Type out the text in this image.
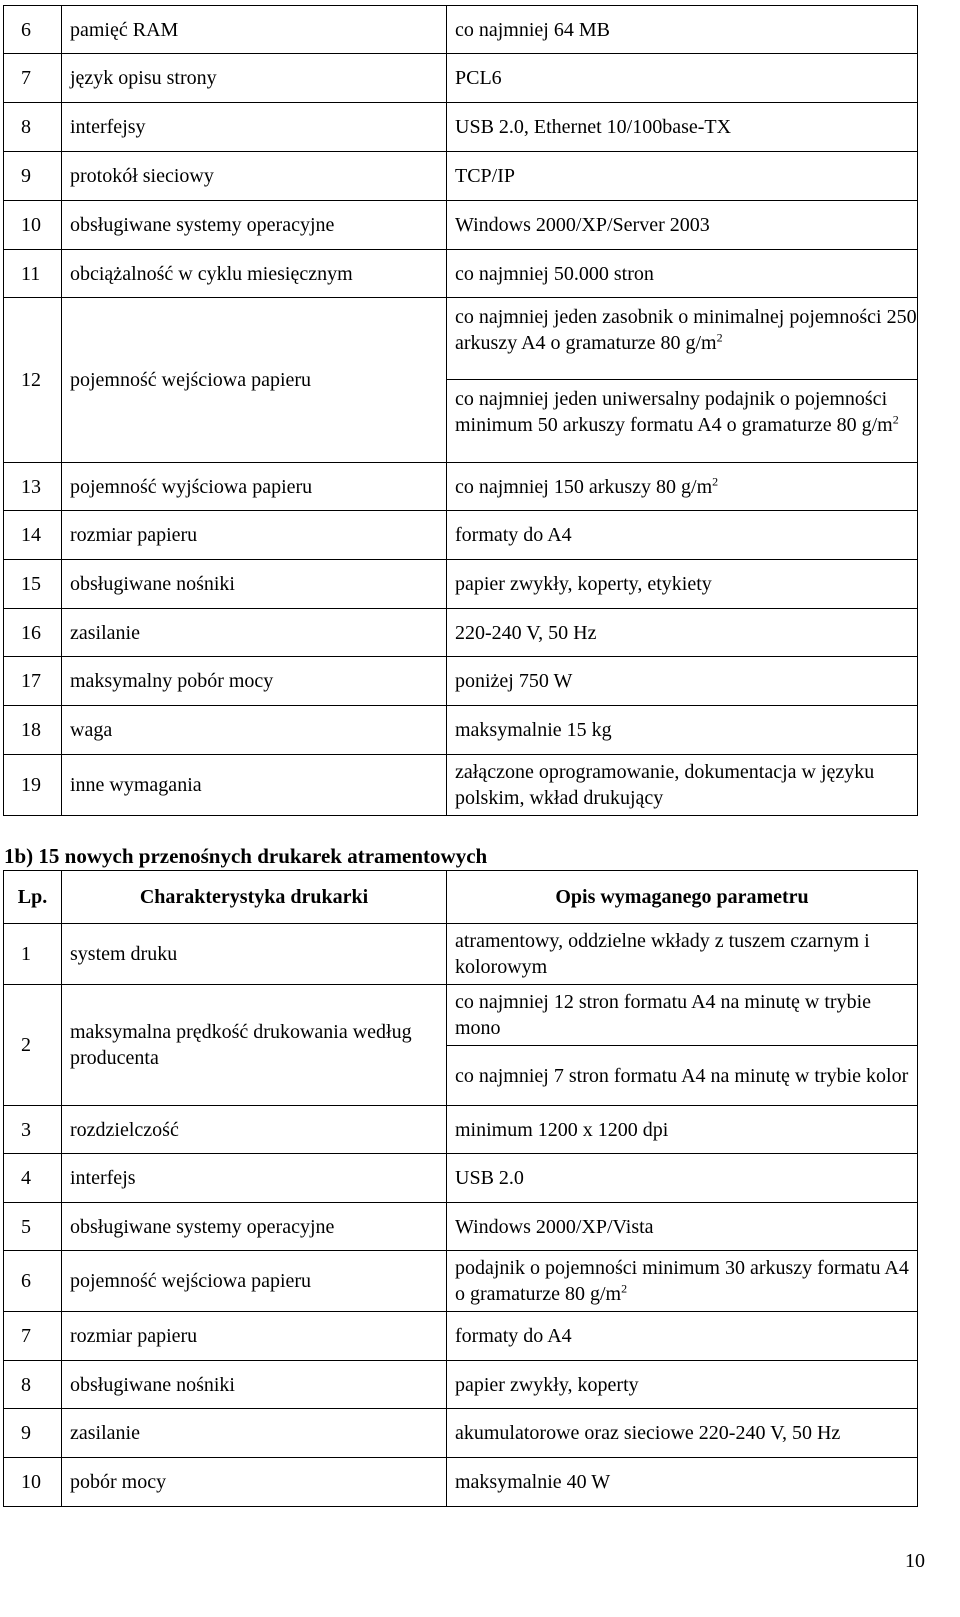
6	pamięć RAM	co najmniej 64 MB
7	język opisu strony	PCL6
8	interfejsy	USB 2.0, Ethernet 10/100base-TX
9	protokół sieciowy	TCP/IP
10	obsługiwane systemy operacyjne	Windows 2000/XP/Server 2003
11	obciążalność w cyklu miesięcznym	co najmniej 50.000 stron
12	pojemność wejściowa papieru	co najmniej jeden zasobnik o minimalnej pojemności 250 arkuszy A4 o gramaturze 80 $g/m^2$
		co najmniej jeden uniwersalny podajnik o pojemności minimum 50 arkuszy formatu A4 o gramaturze 80 $g/m^2$
13	pojemność wyjściowa papieru	co najmniej 150 arkuszy 80 $g/m^2$
14	rozmiar papieru	formaty do A4
15	obsługiwane nośniki	papier zwykły, koperty, etykiety
16	zasilanie	220-240 V, 50 Hz
17	maksymalny pobór mocy	poniżej 750 W
18	waga	maksymalnie 15 kg
19	inne wymagania	załączone oprogramowanie, dokumentacja w języku polskim, wkład drukujący
1b) 15 nowych przenośnych drukarek atramentowych
Lp.	Charakterystyka drukarki	Opis wymaganego parametru
1	system druku	atramentowy, oddzielne wkłady z tuszem czarnym i kolorowym
2	maksymalna prędkość drukowania według producenta	co najmniej 12 stron formatu A4 na minutę w trybie mono
		co najmniej 7 stron formatu A4 na minutę w trybie kolor
3	rozdzielczość	minimum 1200 x 1200 dpi
4	interfejs	USB 2.0
5	obsługiwane systemy operacyjne	Windows 2000/XP/Vista
6	pojemność wejściowa papieru	podajnik o pojemności minimum 30 arkuszy formatu A4 o gramaturze 80 $g/m^2$
7	rozmiar papieru	formaty do A4
8	obsługiwane nośniki	papier zwykły, koperty
9	zasilanie	akumulatorowe oraz sieciowe 220-240 V, 50 Hz
10	pobór mocy	maksymalnie 40 W
10
